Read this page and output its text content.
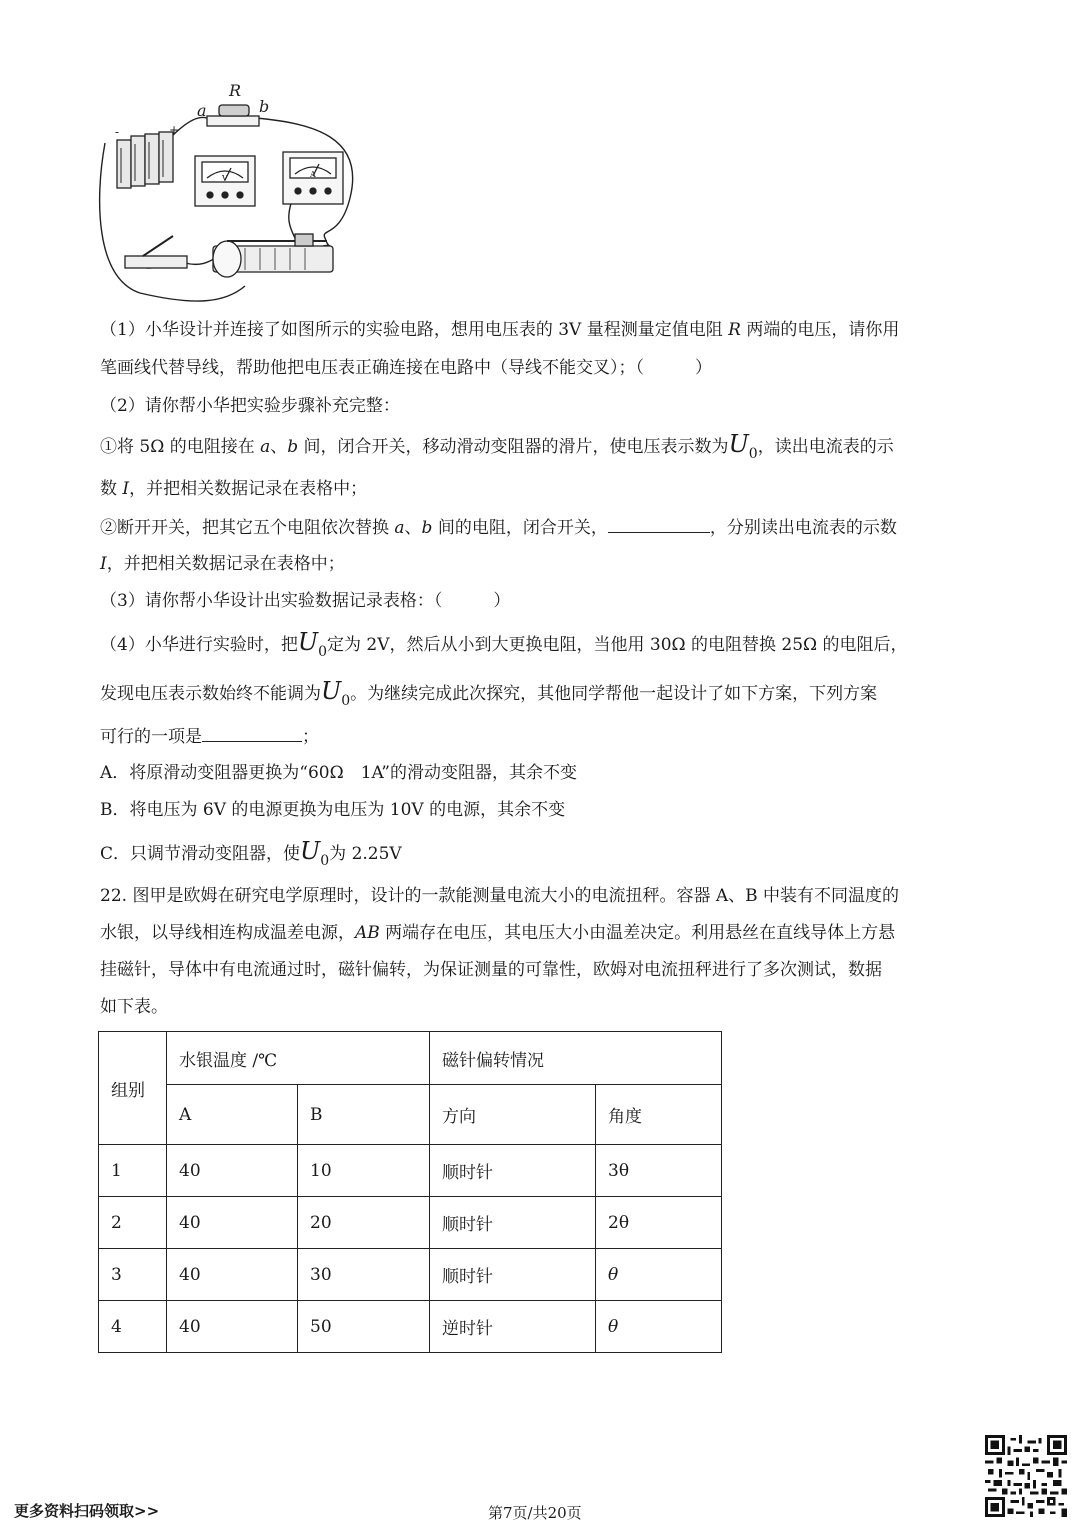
-	+
R
a	b
V	A
（1）小华设计并连接了如图所示的实验电路，想用电压表的 3V 量程测量定值电阻 R 两端的电压，请你用
笔画线代替导线，帮助他把电压表正确连接在电路中（导线不能交叉）；（　　　）
（2）请你帮小华把实验步骤补充完整：
①将 5Ω 的电阻接在 a、b 间，闭合开关，移动滑动变阻器的滑片，使电压表示数为$U_0$，读出电流表的示
数 I，并把相关数据记录在表格中；
②断开开关，把其它五个电阻依次替换 a、b 间的电阻，闭合开关，	，分别读出电流表的示数
I，并把相关数据记录在表格中；
（3）请你帮小华设计出实验数据记录表格：（　　　）
（4）小华进行实验时，把$U_0$定为 2V，然后从小到大更换电阻，当他用 30Ω 的电阻替换 25Ω 的电阻后，
发现电压表示数始终不能调为$U_0$。为继续完成此次探究，其他同学帮他一起设计了如下方案，下列方案
可行的一项是	；
A．将原滑动变阻器更换为“60Ω　1A”的滑动变阻器，其余不变
B．将电压为 6V 的电源更换为电压为 10V 的电源，其余不变
C．只调节滑动变阻器，使$U_0$为 2.25V
22. 图甲是欧姆在研究电学原理时，设计的一款能测量电流大小的电流扭秤。容器 A、B 中装有不同温度的
水银，以导线相连构成温差电源，AB 两端存在电压，其电压大小由温差决定。利用悬丝在直线导体上方悬
挂磁针，导体中有电流通过时，磁针偏转，为保证测量的可靠性，欧姆对电流扭秤进行了多次测试，数据
如下表。
组别	水银温度 /℃		磁针偏转情况	
	A	B	方向	角度
1	40	10	顺时针	3θ
2	40	20	顺时针	2θ
3	40	30	顺时针	θ
4	40	50	逆时针	θ
更多资料扫码领取>>	第7页/共20页
